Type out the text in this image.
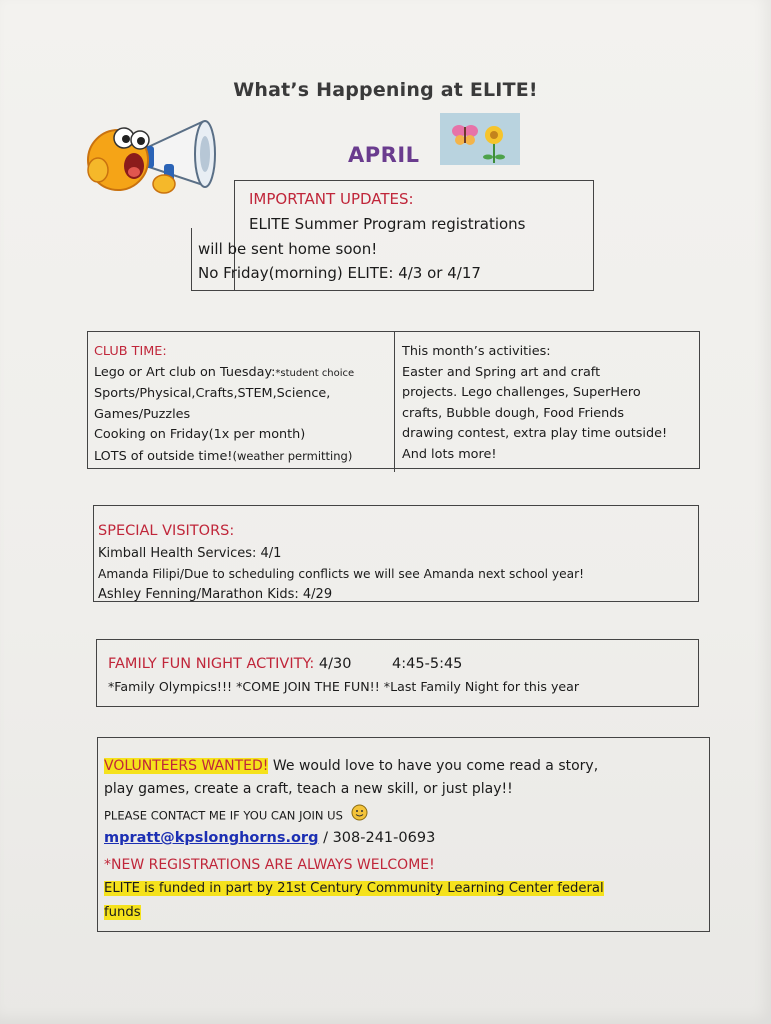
What’s Happening at ELITE!
APRIL
IMPORTANT UPDATES:
ELITE Summer Program registrations
will be sent home soon!
No Friday(morning) ELITE: 4/3 or 4/17
CLUB TIME:
Lego or Art club on Tuesday:*student choice
Sports/Physical,Crafts,STEM,Science,
Games/Puzzles
Cooking on Friday(1x per month)
LOTS of outside time!(weather permitting)
This month’s activities:
Easter and Spring art and craft
projects. Lego challenges, SuperHero
crafts, Bubble dough, Food Friends
drawing contest, extra play time outside!
And lots more!
SPECIAL VISITORS:
Kimball Health Services: 4/1
Amanda Filipi/Due to scheduling conflicts we will see Amanda next school year!
Ashley Fenning/Marathon Kids: 4/29
FAMILY FUN NIGHT ACTIVITY: 4/30	4:45-5:45
*Family Olympics!!! *COME JOIN THE FUN!! *Last Family Night for this year
VOLUNTEERS WANTED! We would love to have you come read a story,
play games, create a craft, teach a new skill, or just play!!
PLEASE CONTACT ME IF YOU CAN JOIN US
mpratt@kpslonghorns.org / 308-241-0693
*NEW REGISTRATIONS ARE ALWAYS WELCOME!
ELITE is funded in part by 21st Century Community Learning Center federal
funds
